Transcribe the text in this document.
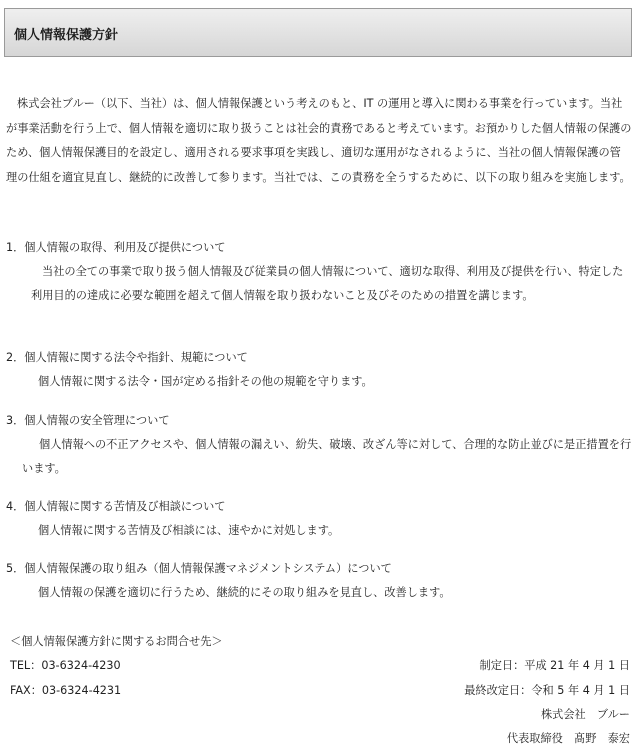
個人情報保護方針

株式会社ブルー（以下、当社）は、個人情報保護という考えのもと、IT の運用と導入に関わる事業を行っています。当社が事業活動を行う上で、個人情報を適切に取り扱うことは社会的責務であると考えています。お預かりした個人情報の保護のため、個人情報保護目的を設定し、適用される要求事項を実践し、適切な運用がなされるように、当社の個人情報保護の管理の仕組を適宜見直し、継続的に改善して参ります。当社では、この責務を全うするために、以下の取り組みを実施します。

1．個人情報の取得、利用及び提供について

当社の全ての事業で取り扱う個人情報及び従業員の個人情報について、適切な取得、利用及び提供を行い、特定した利用目的の達成に必要な範囲を超えて個人情報を取り扱わないこと及びそのための措置を講じます。

2．個人情報に関する法令や指針、規範について

個人情報に関する法令・国が定める指針その他の規範を守ります。

3．個人情報の安全管理について

個人情報への不正アクセスや、個人情報の漏えい、紛失、破壊、改ざん等に対して、合理的な防止並びに是正措置を行います。

4．個人情報に関する苦情及び相談について

個人情報に関する苦情及び相談には、速やかに対処します。

5．個人情報保護の取り組み（個人情報保護マネジメントシステム）について

個人情報の保護を適切に行うため、継続的にその取り組みを見直し、改善します。

＜個人情報保護方針に関するお問合せ先＞
TEL：03-6324-4230
FAX：03-6324-4231
制定日：平成 21 年 4 月 1 日
最終改定日：令和 5 年 4 月 1 日
株式会社　ブルー
代表取締役　髙野　泰宏
